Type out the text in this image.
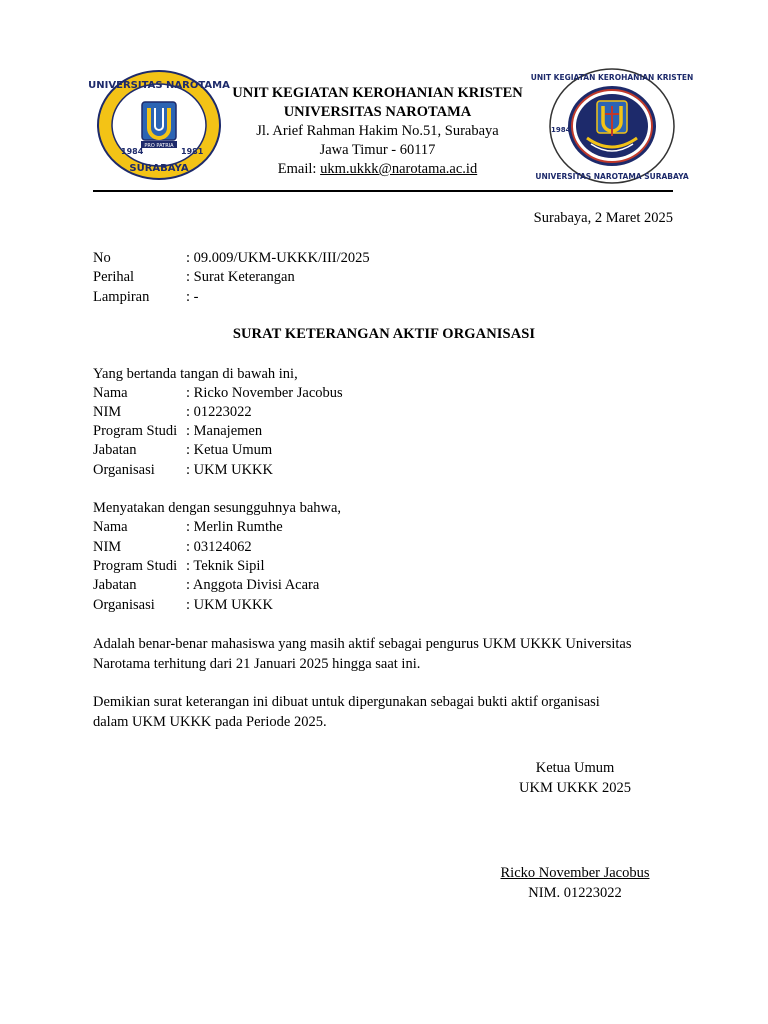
PRO PATRIA
UNIVERSITAS NAROTAMA
SURABAYA
1984	1981
UNIT KEGIATAN KEROHANIAN KRISTEN
UNIVERSITAS NAROTAMA
Jl. Arief Rahman Hakim No.51, Surabaya
Jawa Timur - 60117
Email: ukm.ukkk@narotama.ac.id
UNIT KEGIATAN KEROHANIAN KRISTEN
UNIVERSITAS NAROTAMA SURABAYA
1984
Surabaya, 2 Maret 2025
No	: 09.009/UKM-UKKK/III/2025
Perihal	: Surat Keterangan
Lampiran	: -
SURAT KETERANGAN AKTIF ORGANISASI
Yang bertanda tangan di bawah ini,
Nama	: Ricko November Jacobus
NIM	: 01223022
Program Studi : Manajemen
Jabatan	: Ketua Umum
Organisasi : UKM UKKK
Menyatakan dengan sesungguhnya bahwa,
Nama	: Merlin Rumthe
NIM	: 03124062
Program Studi : Teknik Sipil
Jabatan	: Anggota Divisi Acara
Organisasi : UKM UKKK
Adalah benar-benar mahasiswa yang masih aktif sebagai pengurus UKM UKKK Universitas
Narotama terhitung dari 21 Januari 2025 hingga saat ini.
Demikian surat keterangan ini dibuat untuk dipergunakan sebagai bukti aktif organisasi
dalam UKM UKKK pada Periode 2025.
Ketua Umum
UKM UKKK 2025
Ricko November Jacobus
NIM. 01223022
